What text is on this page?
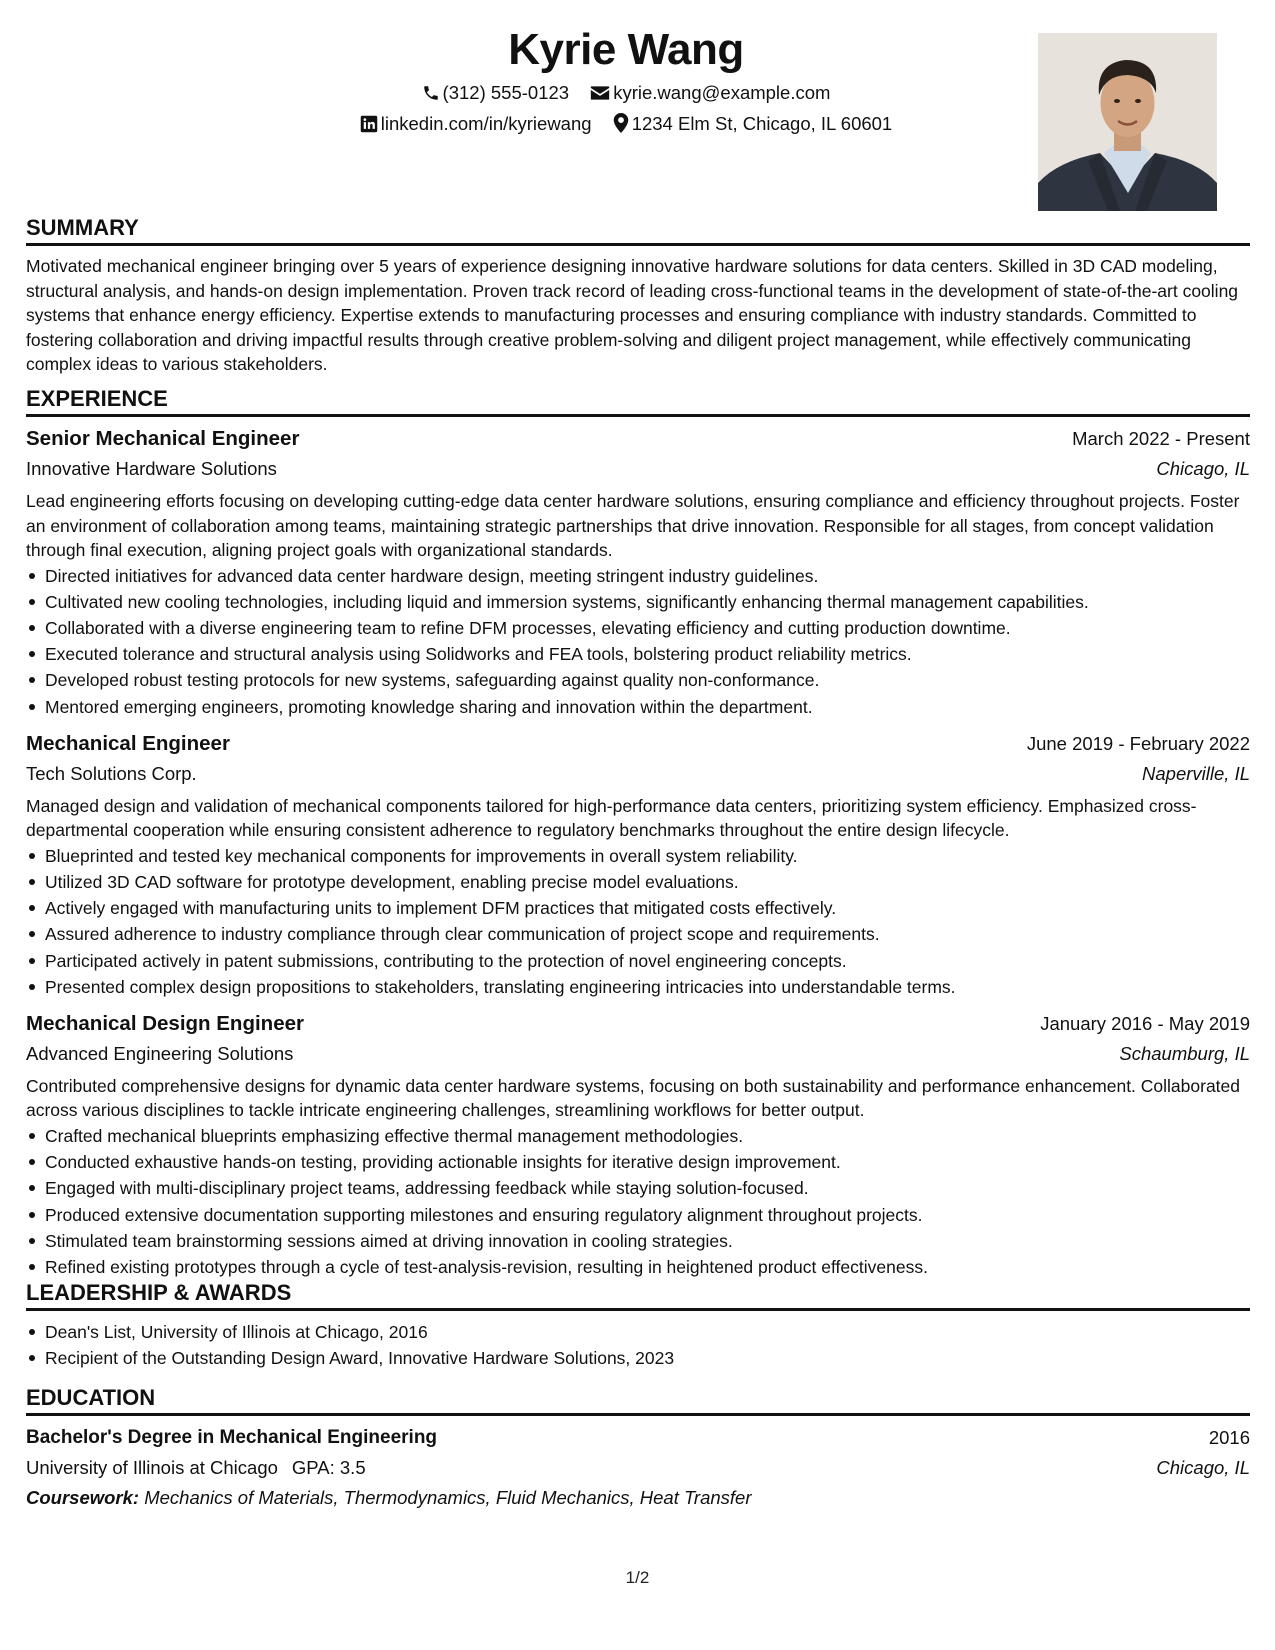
Kyrie Wang
(312) 555-0123 kyrie.wang@example.com
linkedin.com/in/kyriewang 1234 Elm St, Chicago, IL 60601
SUMMARY

Motivated mechanical engineer bringing over 5 years of experience designing innovative hardware solutions for data centers. Skilled in 3D CAD modeling, structural analysis, and hands-on design implementation. Proven track record of leading cross-functional teams in the development of state-of-the-art cooling systems that enhance energy efficiency. Expertise extends to manufacturing processes and ensuring compliance with industry standards. Committed to fostering collaboration and driving impactful results through creative problem-solving and diligent project management, while effectively communicating complex ideas to various stakeholders.

EXPERIENCE
Senior Mechanical Engineer	March 2022 - Present
Innovative Hardware Solutions	Chicago, IL

Lead engineering efforts focusing on developing cutting-edge data center hardware solutions, ensuring compliance and efficiency throughout projects. Foster an environment of collaboration among teams, maintaining strategic partnerships that drive innovation. Responsible for all stages, from concept validation through final execution, aligning project goals with organizational standards.

Directed initiatives for advanced data center hardware design, meeting stringent industry guidelines.
Cultivated new cooling technologies, including liquid and immersion systems, significantly enhancing thermal management capabilities.
Collaborated with a diverse engineering team to refine DFM processes, elevating efficiency and cutting production downtime.
Executed tolerance and structural analysis using Solidworks and FEA tools, bolstering product reliability metrics.
Developed robust testing protocols for new systems, safeguarding against quality non-conformance.
Mentored emerging engineers, promoting knowledge sharing and innovation within the department.
Mechanical Engineer	June 2019 - February 2022
Tech Solutions Corp.	Naperville, IL

Managed design and validation of mechanical components tailored for high-performance data centers, prioritizing system efficiency. Emphasized cross-departmental cooperation while ensuring consistent adherence to regulatory benchmarks throughout the entire design lifecycle.

Blueprinted and tested key mechanical components for improvements in overall system reliability.
Utilized 3D CAD software for prototype development, enabling precise model evaluations.
Actively engaged with manufacturing units to implement DFM practices that mitigated costs effectively.
Assured adherence to industry compliance through clear communication of project scope and requirements.
Participated actively in patent submissions, contributing to the protection of novel engineering concepts.
Presented complex design propositions to stakeholders, translating engineering intricacies into understandable terms.
Mechanical Design Engineer	January 2016 - May 2019
Advanced Engineering Solutions	Schaumburg, IL

Contributed comprehensive designs for dynamic data center hardware systems, focusing on both sustainability and performance enhancement. Collaborated across various disciplines to tackle intricate engineering challenges, streamlining workflows for better output.

Crafted mechanical blueprints emphasizing effective thermal management methodologies.
Conducted exhaustive hands-on testing, providing actionable insights for iterative design improvement.
Engaged with multi-disciplinary project teams, addressing feedback while staying solution-focused.
Produced extensive documentation supporting milestones and ensuring regulatory alignment throughout projects.
Stimulated team brainstorming sessions aimed at driving innovation in cooling strategies.
Refined existing prototypes through a cycle of test-analysis-revision, resulting in heightened product effectiveness.
LEADERSHIP & AWARDS
Dean's List, University of Illinois at Chicago, 2016
Recipient of the Outstanding Design Award, Innovative Hardware Solutions, 2023
EDUCATION
Bachelor's Degree in Mechanical Engineering	2016
University of Illinois at Chicago GPA: 3.5	Chicago, IL
Coursework: Mechanics of Materials, Thermodynamics, Fluid Mechanics, Heat Transfer
1/2
